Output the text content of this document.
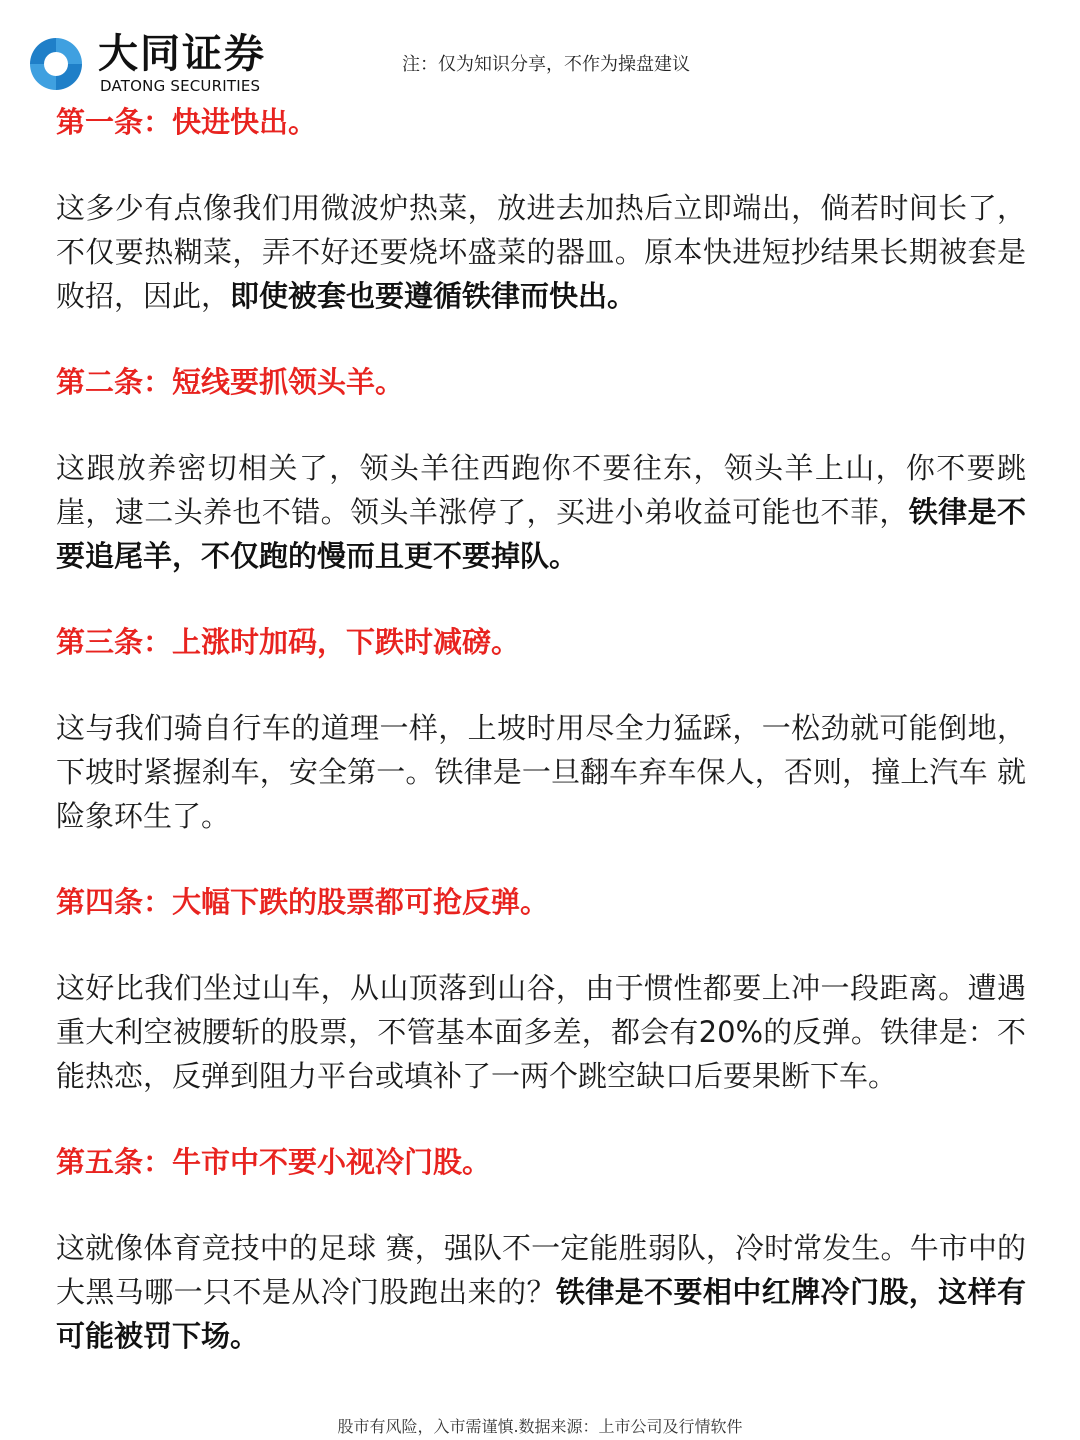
大同证券
DATONG SECURITIES
注：仅为知识分享，不作为操盘建议

第一条：快进快出。

这多少有点像我们用微波炉热菜，放进去加热后立即端出，倘若时间长了，不仅要热糊菜，弄不好还要烧坏盛菜的器皿。原本快进短抄结果长期被套是败招，因此，即使被套也要遵循铁律而快出。

第二条：短线要抓领头羊。

这跟放养密切相关了，领头羊往西跑你不要往东，领头羊上山，你不要跳崖，逮二头养也不错。领头羊涨停了，买进小弟收益可能也不菲，铁律是不要追尾羊，不仅跑的慢而且更不要掉队。

第三条：上涨时加码，下跌时减磅。

这与我们骑自行车的道理一样，上坡时用尽全力猛踩，一松劲就可能倒地，下坡时紧握刹车，安全第一。铁律是一旦翻车弃车保人，否则，撞上汽车 就险象环生了。

第四条：大幅下跌的股票都可抢反弹。

这好比我们坐过山车，从山顶落到山谷，由于惯性都要上冲一段距离。遭遇重大利空被腰斩的股票，不管基本面多差，都会有20%的反弹。铁律是：不能热恋，反弹到阻力平台或填补了一两个跳空缺口后要果断下车。

第五条：牛市中不要小视冷门股。

这就像体育竞技中的足球 赛，强队不一定能胜弱队，冷时常发生。牛市中的大黑马哪一只不是从冷门股跑出来的？铁律是不要相中红牌冷门股，这样有可能被罚下场。

股市有风险，入市需谨慎.数据来源：上市公司及行情软件
